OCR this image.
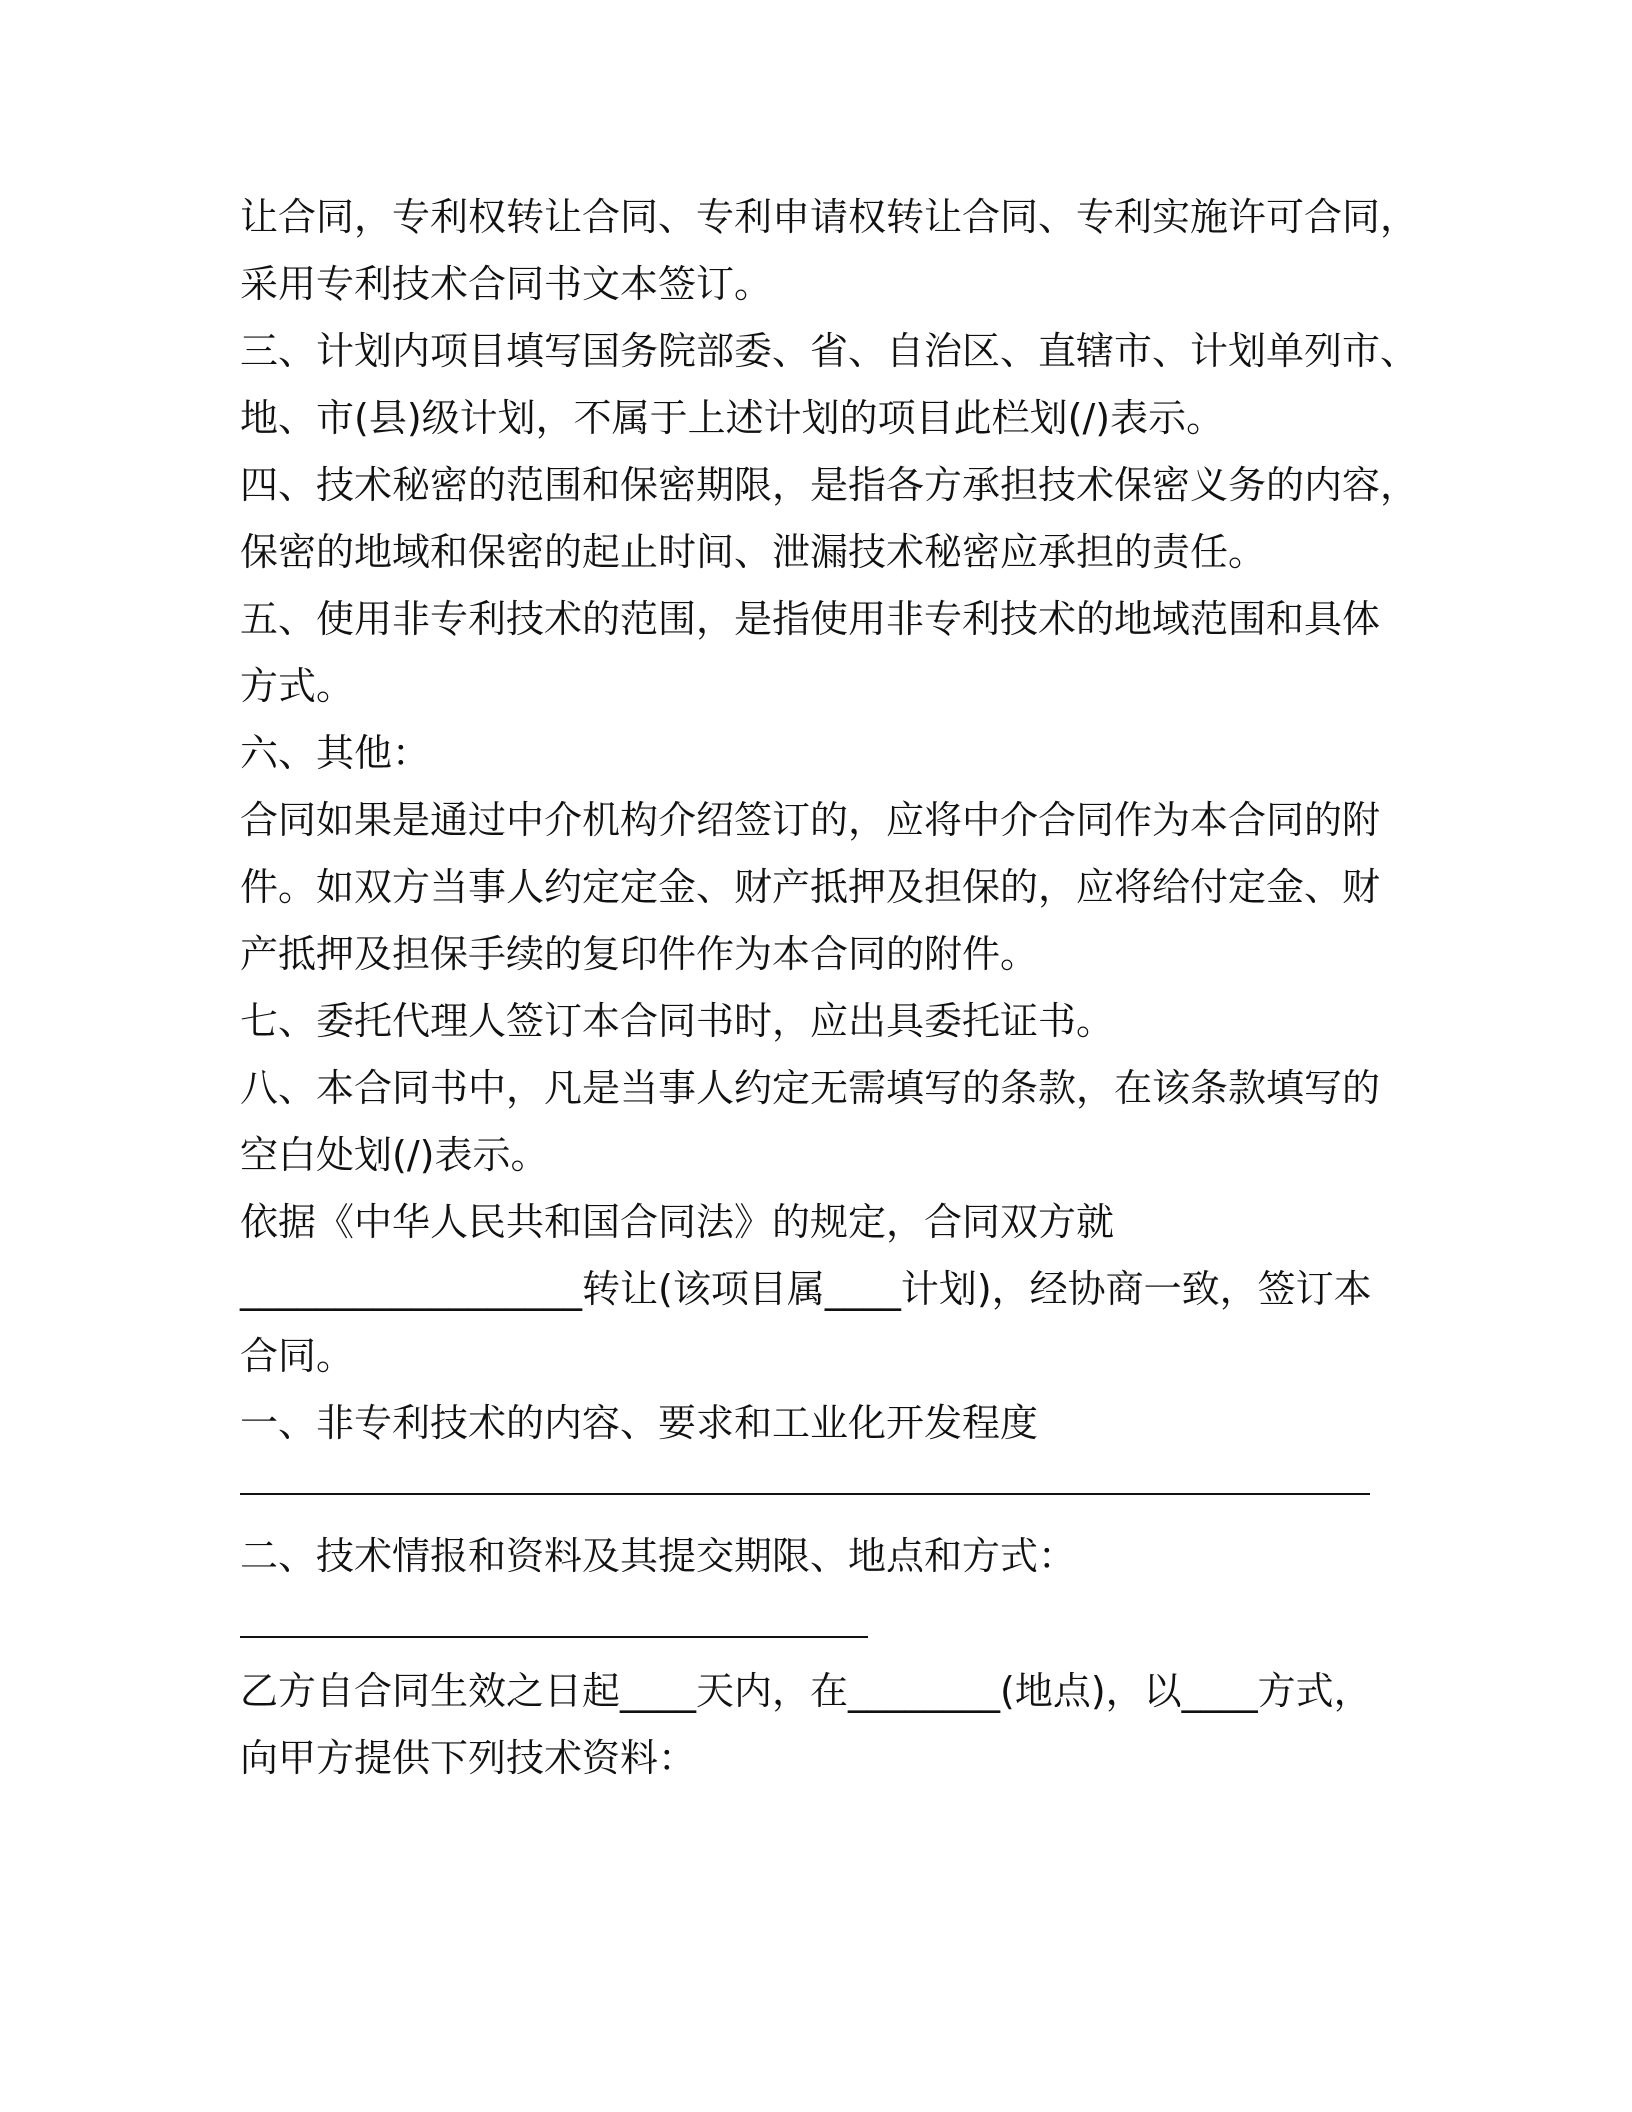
让合同，专利权转让合同、专利申请权转让合同、专利实施许可合同，
采用专利技术合同书文本签订。
三、计划内项目填写国务院部委、省、自治区、直辖市、计划单列市、
地、市(县)级计划，不属于上述计划的项目此栏划(/)表示。
四、技术秘密的范围和保密期限，是指各方承担技术保密义务的内容，
保密的地域和保密的起止时间、泄漏技术秘密应承担的责任。
五、使用非专利技术的范围，是指使用非专利技术的地域范围和具体
方式。
六、其他：
合同如果是通过中介机构介绍签订的，应将中介合同作为本合同的附
件。如双方当事人约定定金、财产抵押及担保的，应将给付定金、财
产抵押及担保手续的复印件作为本合同的附件。
七、委托代理人签订本合同书时，应出具委托证书。
八、本合同书中，凡是当事人约定无需填写的条款，在该条款填写的
空白处划(/)表示。
依据《中华人民共和国合同法》的规定，合同双方就
__________________转让(该项目属____计划)，经协商一致，签订本
合同。
一、非专利技术的内容、要求和工业化开发程度
二、技术情报和资料及其提交期限、地点和方式：
乙方自合同生效之日起____天内，在________(地点)，以____方式，
向甲方提供下列技术资料：
